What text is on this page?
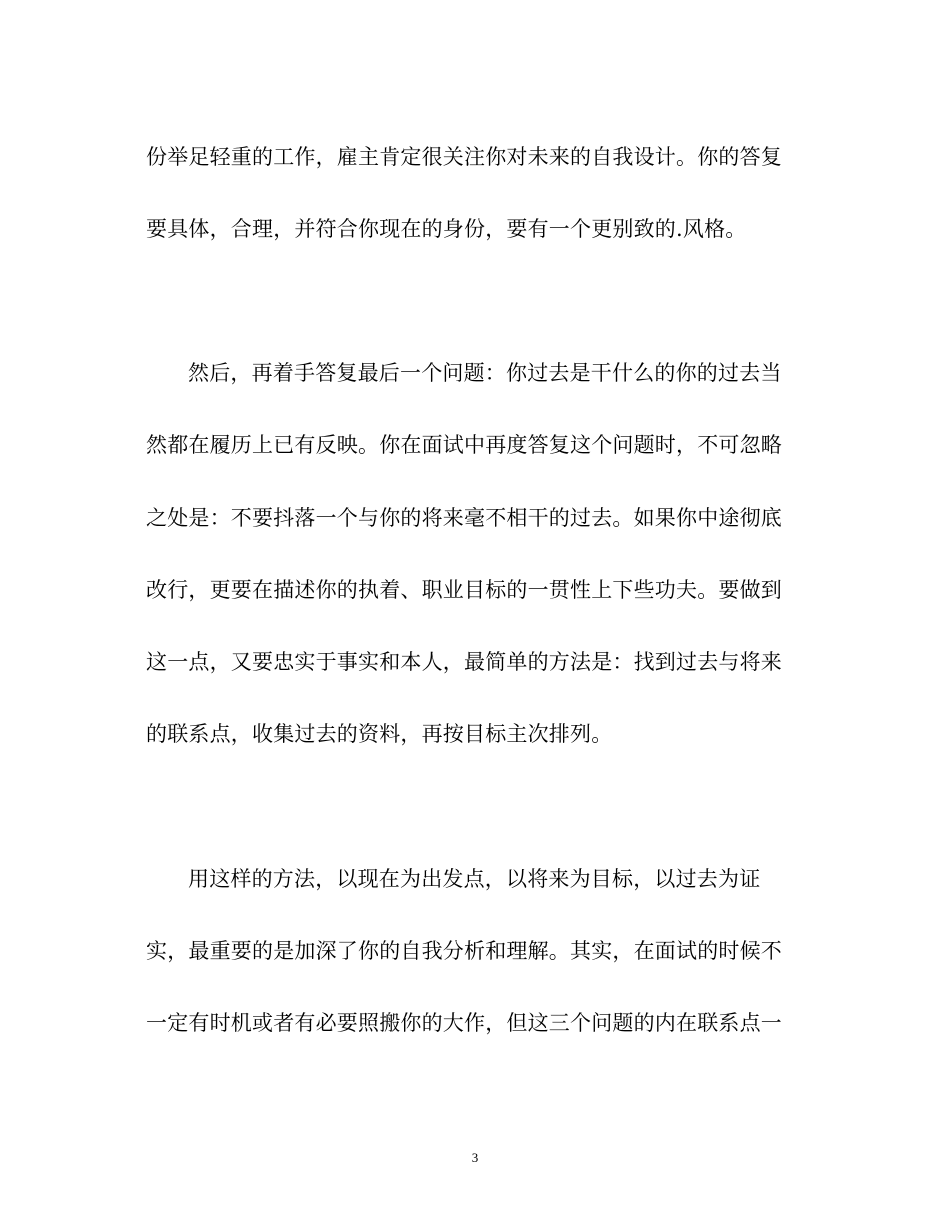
份举足轻重的工作，雇主肯定很关注你对未来的自我设计。你的答复
要具体，合理，并符合你现在的身份，要有一个更别致的.风格。
然后，再着手答复最后一个问题：你过去是干什么的你的过去当
然都在履历上已有反映。你在面试中再度答复这个问题时，不可忽略
之处是：不要抖落一个与你的将来毫不相干的过去。如果你中途彻底
改行，更要在描述你的执着、职业目标的一贯性上下些功夫。要做到
这一点，又要忠实于事实和本人，最简单的方法是：找到过去与将来
的联系点，收集过去的资料，再按目标主次排列。
用这样的方法，以现在为出发点，以将来为目标，以过去为证
实，最重要的是加深了你的自我分析和理解。其实，在面试的时候不
一定有时机或者有必要照搬你的大作，但这三个问题的内在联系点一
3
